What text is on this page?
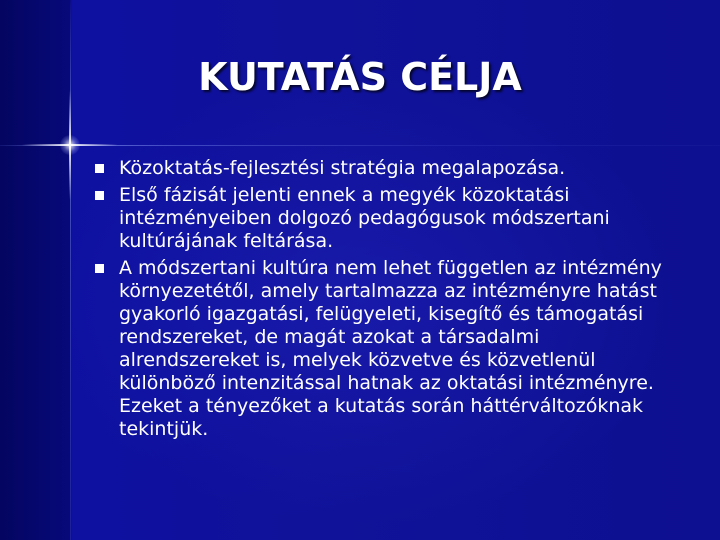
KUTATÁS CÉLJA
Közoktatás-fejlesztési stratégia megalapozása.
Első fázisát jelenti ennek a megyék közoktatási intézményeiben dolgozó pedagógusok módszertani kultúrájának feltárása.
A módszertani kultúra nem lehet független az intézmény környezetétől, amely tartalmazza az intézményre hatást gyakorló igazgatási, felügyeleti, kisegítő és támogatási rendszereket, de magát azokat a társadalmi alrendszereket is, melyek közvetve és közvetlenül különböző intenzitással hatnak az oktatási intézményre. Ezeket a tényezőket a kutatás során háttérváltozóknak tekintjük.
